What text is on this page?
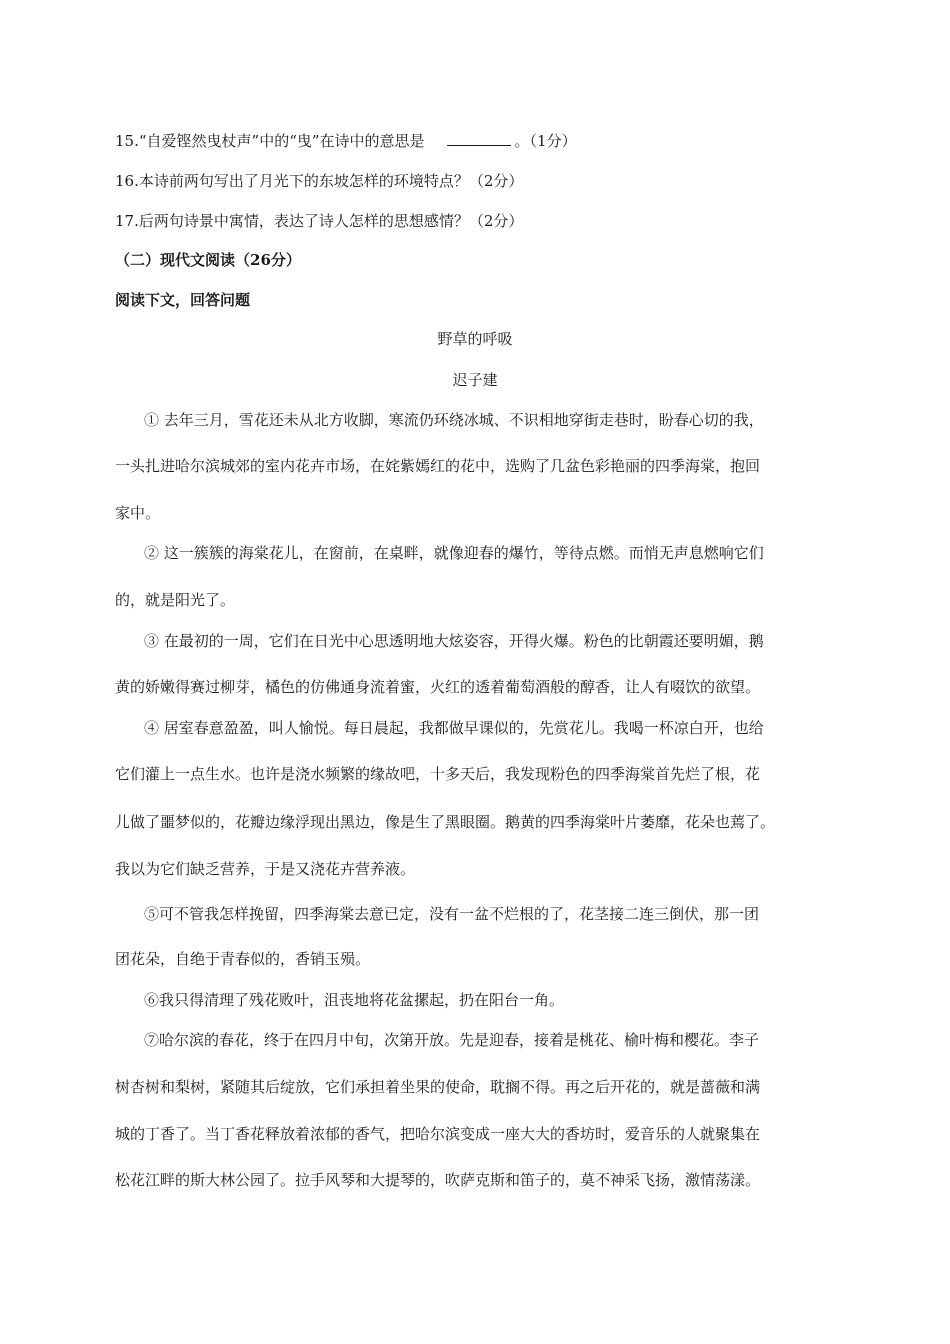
15.“自爱铿然曳杖声”中的“曳”在诗中的意思是	。（1分）
16.本诗前两句写出了月光下的东坡怎样的环境特点？（2分）
17.后两句诗景中寓情，表达了诗人怎样的思想感情？（2分）
（二）现代文阅读（26分）
阅读下文，回答问题
野草的呼吸
迟子建
① 去年三月，雪花还未从北方收脚，寒流仍环绕冰城、不识相地穿街走巷时，盼春心切的我，
一头扎进哈尔滨城郊的室内花卉市场，在姹紫嫣红的花中，选购了几盆色彩艳丽的四季海棠，抱回
家中。
② 这一簇簇的海棠花儿，在窗前，在桌畔，就像迎春的爆竹，等待点燃。而悄无声息燃响它们
的，就是阳光了。
③ 在最初的一周，它们在日光中心思透明地大炫姿容，开得火爆。粉色的比朝霞还要明媚，鹅
黄的娇嫩得赛过柳芽，橘色的仿佛通身流着蜜，火红的透着葡萄酒般的醇香，让人有啜饮的欲望。
④ 居室春意盈盈，叫人愉悦。每日晨起，我都做早课似的，先赏花儿。我喝一杯凉白开，也给
它们灌上一点生水。也许是浇水频繁的缘故吧，十多天后，我发现粉色的四季海棠首先烂了根，花
儿做了噩梦似的，花瓣边缘浮现出黑边，像是生了黑眼圈。鹅黄的四季海棠叶片萎靡，花朵也蔫了。
我以为它们缺乏营养，于是又浇花卉营养液。
⑤可不管我怎样挽留，四季海棠去意已定，没有一盆不烂根的了，花茎接二连三倒伏，那一团
团花朵，自绝于青春似的，香销玉殒。
⑥我只得清理了残花败叶，沮丧地将花盆摞起，扔在阳台一角。
⑦哈尔滨的春花，终于在四月中旬，次第开放。先是迎春，接着是桃花、榆叶梅和樱花。李子
树杏树和梨树，紧随其后绽放，它们承担着坐果的使命，耽搁不得。再之后开花的，就是蔷薇和满
城的丁香了。当丁香花释放着浓郁的香气，把哈尔滨变成一座大大的香坊时，爱音乐的人就聚集在
松花江畔的斯大林公园了。拉手风琴和大提琴的，吹萨克斯和笛子的，莫不神采飞扬，激情荡漾。
